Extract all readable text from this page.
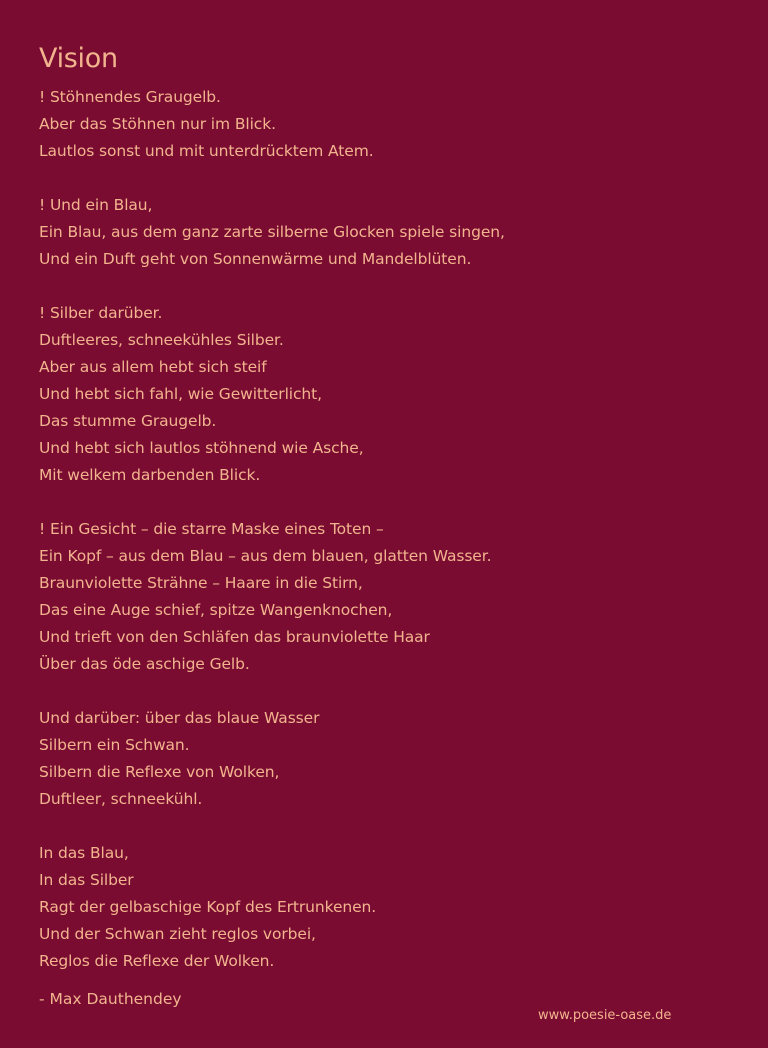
Vision
! Stöhnendes Graugelb.
Aber das Stöhnen nur im Blick.
Lautlos sonst und mit unterdrücktem Atem.
! Und ein Blau,
Ein Blau, aus dem ganz zarte silberne Glocken spiele singen,
Und ein Duft geht von Sonnenwärme und Mandelblüten.
! Silber darüber.
Duftleeres, schneekühles Silber.
Aber aus allem hebt sich steif
Und hebt sich fahl, wie Gewitterlicht,
Das stumme Graugelb.
Und hebt sich lautlos stöhnend wie Asche,
Mit welkem darbenden Blick.
! Ein Gesicht – die starre Maske eines Toten –
Ein Kopf – aus dem Blau – aus dem blauen, glatten Wasser.
Braunviolette Strähne – Haare in die Stirn,
Das eine Auge schief, spitze Wangenknochen,
Und trieft von den Schläfen das braunviolette Haar
Über das öde aschige Gelb.
Und darüber: über das blaue Wasser
Silbern ein Schwan.
Silbern die Reflexe von Wolken,
Duftleer, schneekühl.
In das Blau,
In das Silber
Ragt der gelbaschige Kopf des Ertrunkenen.
Und der Schwan zieht reglos vorbei,
Reglos die Reflexe der Wolken.
- Max Dauthendey
www.poesie-oase.de
